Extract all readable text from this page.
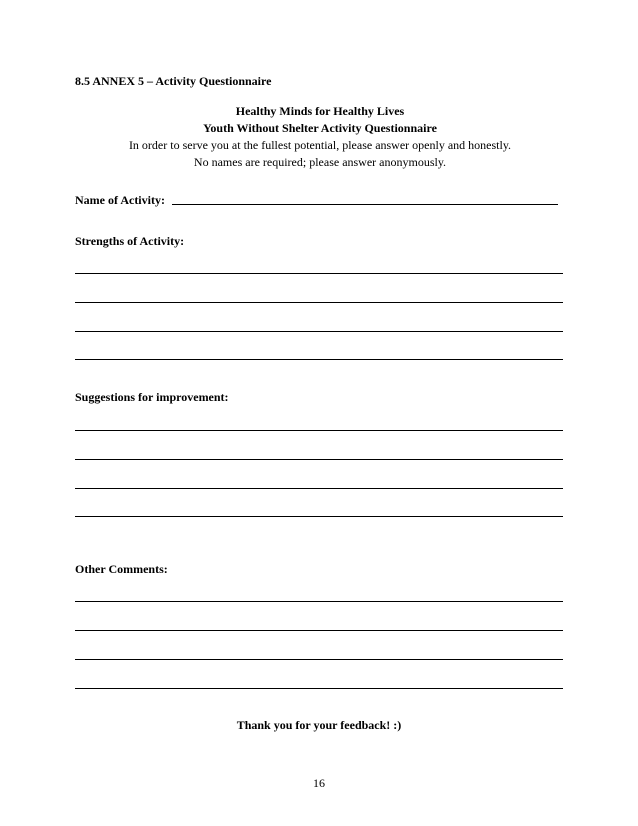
8.5 ANNEX 5 – Activity Questionnaire
Healthy Minds for Healthy Lives
Youth Without Shelter Activity Questionnaire
In order to serve you at the fullest potential, please answer openly and honestly.
No names are required; please answer anonymously.
Name of Activity:
Strengths of Activity:
Suggestions for improvement:
Other Comments:
Thank you for your feedback! :)
16
